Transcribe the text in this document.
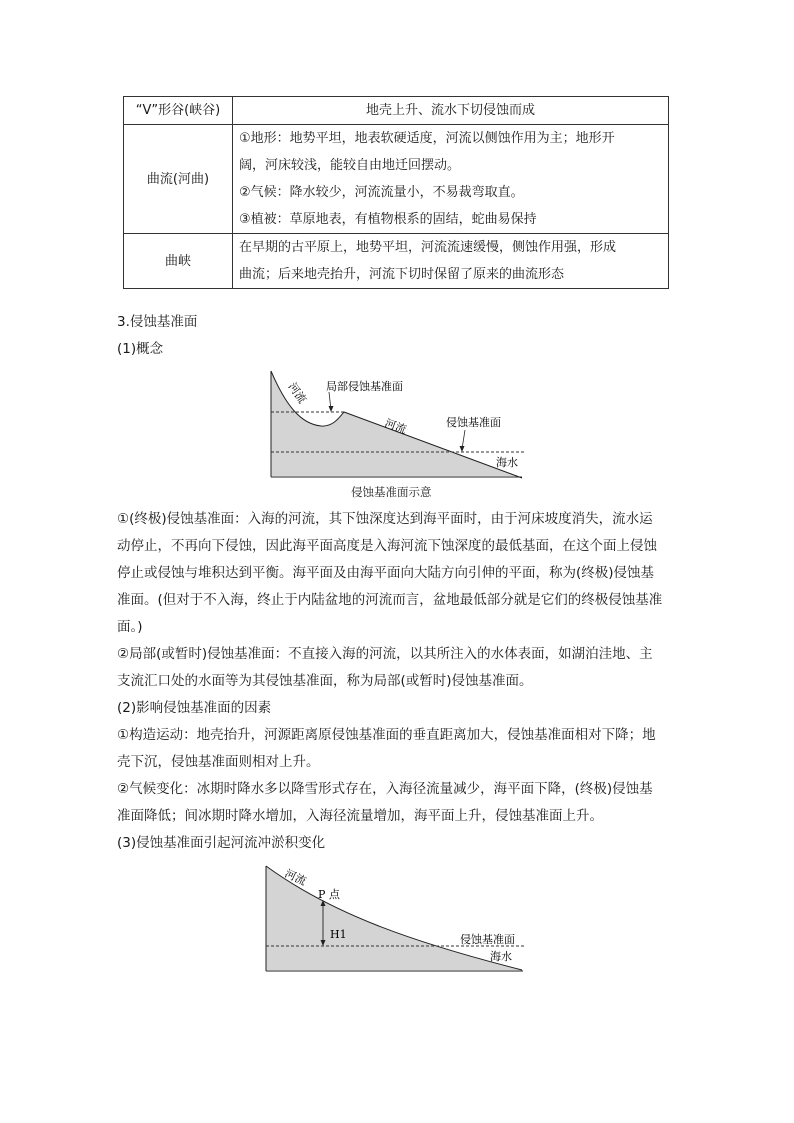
“V”形谷(峡谷)	地壳上升、流水下切侵蚀而成

曲流(河曲)	①地形：地势平坦，地表软硬适度，河流以侧蚀作用为主；地形开
阔，河床较浅，能较自由地迁回摆动。
②气候：降水较少，河流流量小，不易裁弯取直。
③植被：草原地表，有植物根系的固结，蛇曲易保持

曲峡	在早期的古平原上，地势平坦，河流流速缓慢，侧蚀作用强，形成
曲流；后来地壳抬升，河流下切时保留了原来的曲流形态
3.侵蚀基准面
(1)概念
河流 局部侵蚀基准面
河流	侵蚀基准面
海水
侵蚀基准面示意
①(终极)侵蚀基准面：入海的河流，其下蚀深度达到海平面时，由于河床坡度消失，流水运
动停止，不再向下侵蚀，因此海平面高度是入海河流下蚀深度的最低基面，在这个面上侵蚀
停止或侵蚀与堆积达到平衡。海平面及由海平面向大陆方向引伸的平面，称为(终极)侵蚀基
准面。(但对于不入海，终止于内陆盆地的河流而言，盆地最低部分就是它们的终极侵蚀基准
面。)
②局部(或暂时)侵蚀基准面：不直接入海的河流，以其所注入的水体表面，如湖泊洼地、主
支流汇口处的水面等为其侵蚀基准面，称为局部(或暂时)侵蚀基准面。
(2)影响侵蚀基准面的因素
①构造运动：地壳抬升，河源距离原侵蚀基准面的垂直距离加大，侵蚀基准面相对下降；地
壳下沉，侵蚀基准面则相对上升。
②气候变化：冰期时降水多以降雪形式存在，入海径流量减少，海平面下降，(终极)侵蚀基
准面降低；间冰期时降水增加，入海径流量增加，海平面上升，侵蚀基准面上升。
(3)侵蚀基准面引起河流冲淤积变化
河流
P 点
H1	侵蚀基准面
海水
